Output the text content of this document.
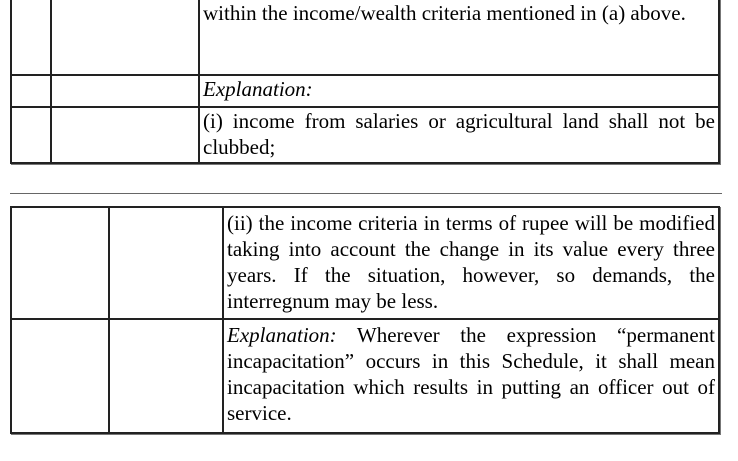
		within the income/wealth criteria mentioned in (a) above.

		Explanation:

		(i) income from salaries or agricultural land shall not be clubbed;

		(ii) the income criteria in terms of rupee will be modified taking into account the change in its value every three years. If the situation, however, so demands, the interregnum may be less.

		Explanation: Wherever the expression “permanent incapacitation” occurs in this Schedule, it shall mean incapacitation which results in putting an officer out of service.
